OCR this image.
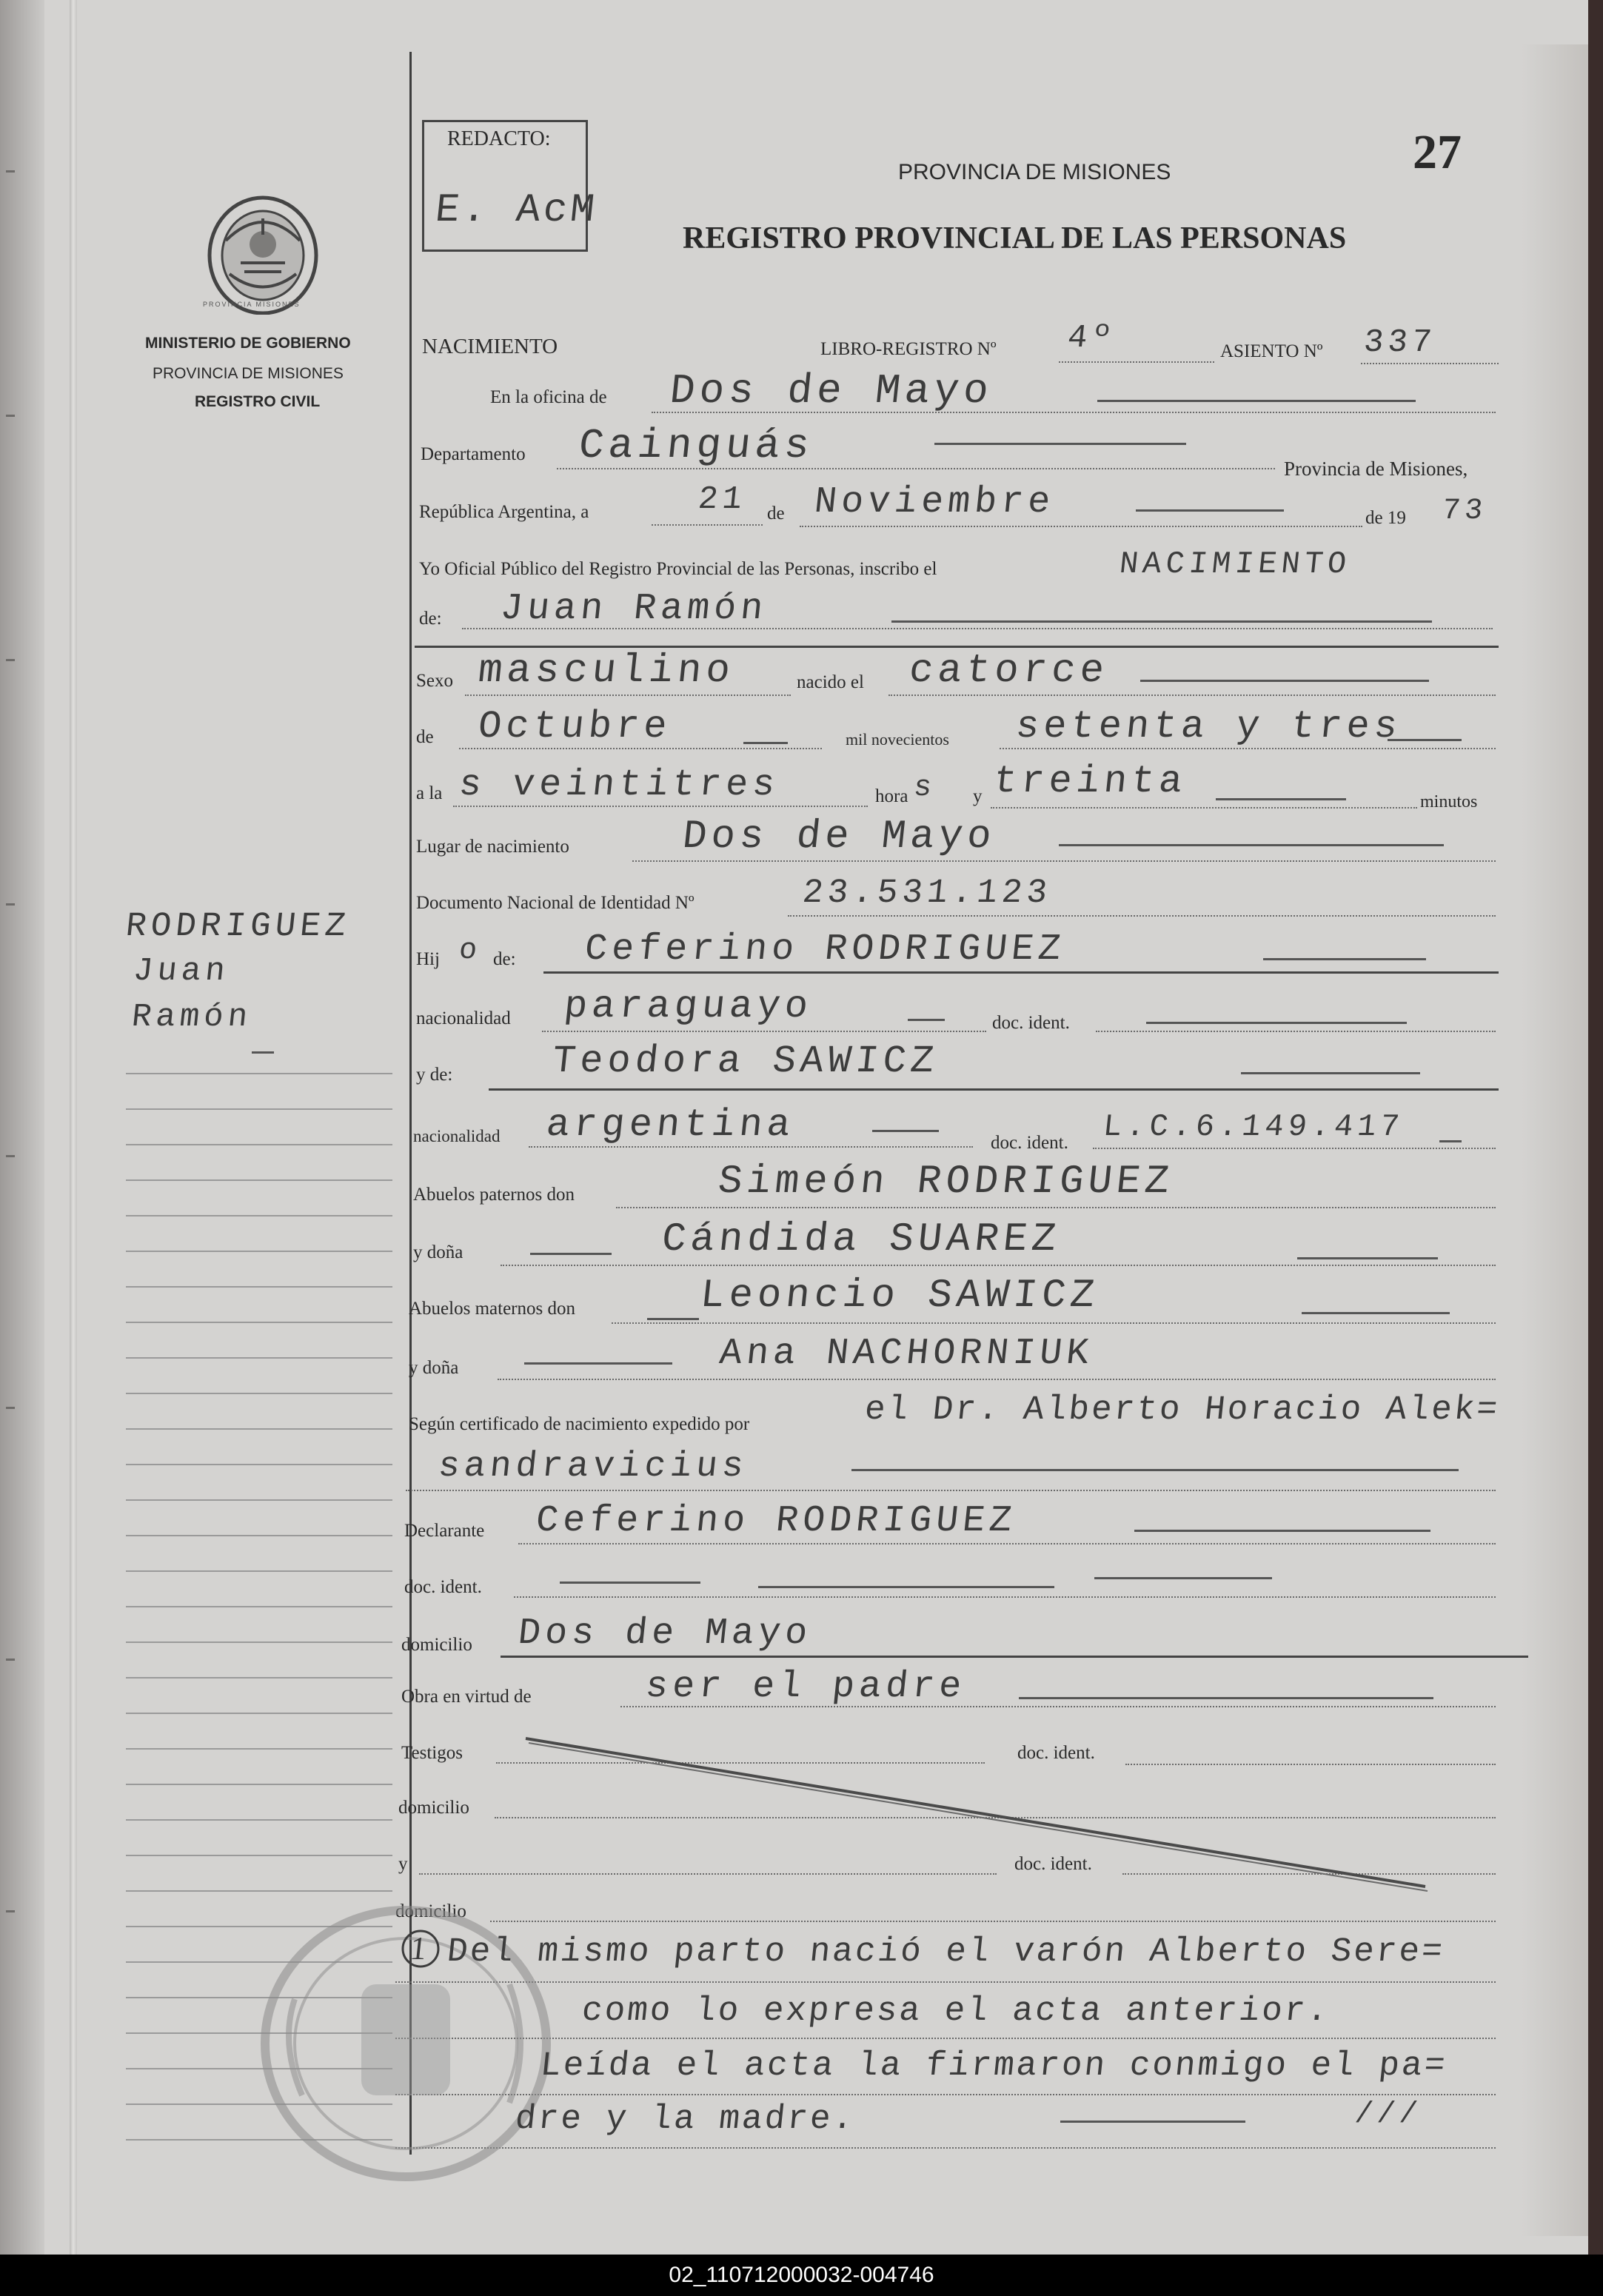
PROVINCIA MISIONES
MINISTERIO DE GOBIERNO
PROVINCIA DE MISIONES
REGISTRO CIVIL
RODRIGUEZ
Juan
Ramón
REDACTO:
E. AcM
PROVINCIA DE MISIONES
REGISTRO PROVINCIAL DE LAS PERSONAS
27
NACIMIENTO	LIBRO-REGISTRO Nº 4º	ASIENTO Nº 337
En la oficina de Dos de Mayo
Departamento Cainguás	Provincia de Misiones,
República Argentina, a	21 de Noviembre	de 19 73
Yo Oficial Público del Registro Provincial de las Personas, inscribo el	NACIMIENTO
de: Juan Ramón
Sexo masculino	nacido el catorce
de Octubre	mil novecientos setenta y tres
a la s veintitres	hora s y treinta	minutos
Lugar de nacimiento	Dos de Mayo
Documento Nacional de Identidad Nº	23.531.123
Hij o de: Ceferino RODRIGUEZ
nacionalidad paraguayo	doc. ident.
y de:	Teodora SAWICZ
nacionalidad argentina	doc. ident. L.C.6.149.417
Abuelos paternos don	Simeón RODRIGUEZ
y doña	Cándida SUAREZ
Abuelos maternos don	Leoncio SAWICZ
y doña	Ana NACHORNIUK
Según certificado de nacimiento expedido por	el Dr. Alberto Horacio Alek=
sandravicius
Declarante Ceferino RODRIGUEZ
doc. ident.
domicilio Dos de Mayo
Obra en virtud de	ser el padre
Testigos	doc. ident.
domicilio
y	doc. ident.
domicilio
1 Del mismo parto nació el varón Alberto Sere=
como lo expresa el acta anterior.
Leída el acta la firmaron conmigo el pa=
dre y la madre.	///
02_110712000032-004746
